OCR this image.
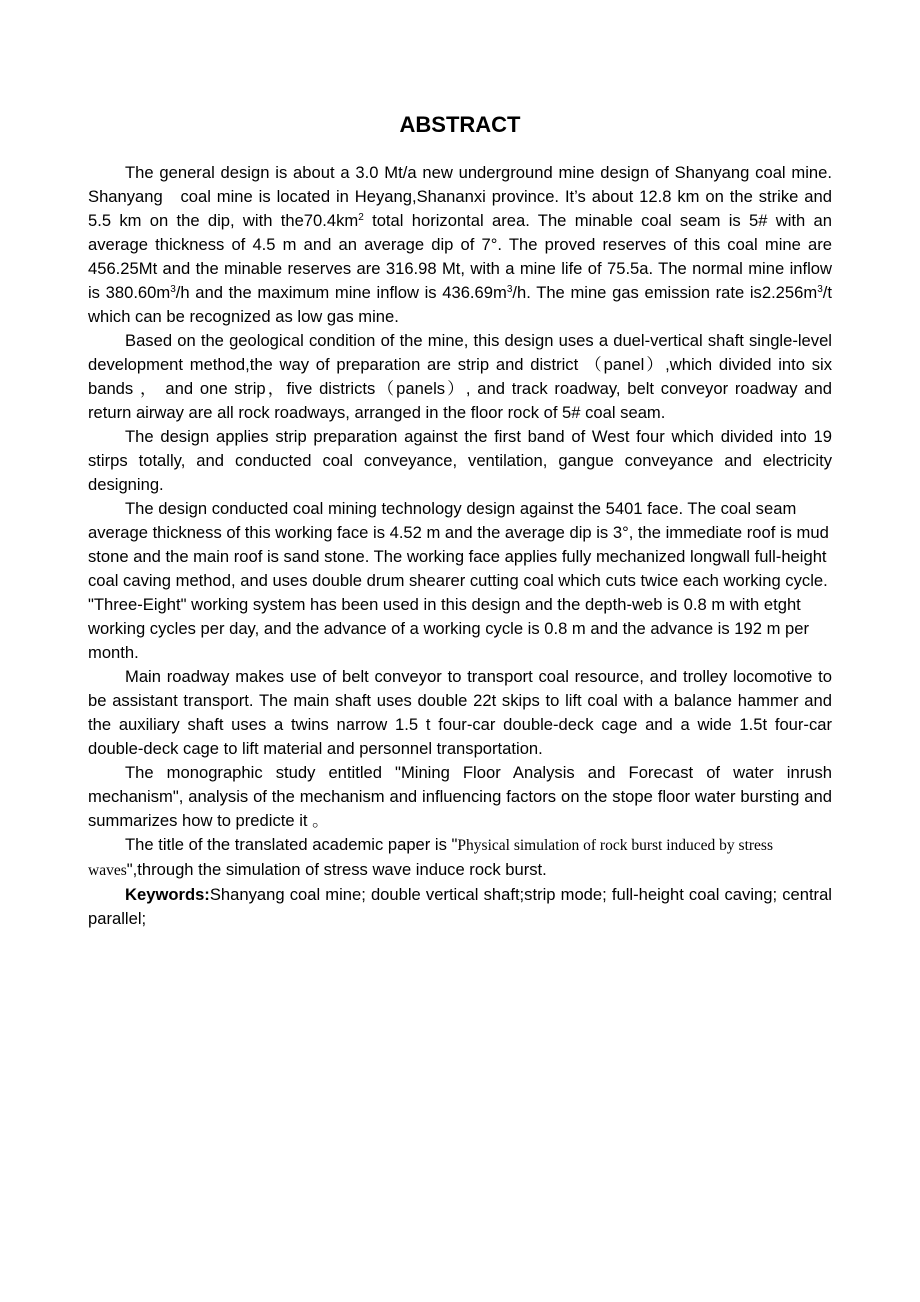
ABSTRACT

The general design is about a 3.0 Mt/a new underground mine design of Shanyang coal mine. Shanyang   coal mine is located in Heyang,Shananxi province. It’s about 12.8 km on the strike and 5.5 km on the dip, with $the70.4km^2$ total horizontal area. The minable coal seam is 5# with an average thickness of 4.5 m and an average dip of 7°. The proved reserves of this coal mine are 456.25Mt and the minable reserves are 316.98 Mt, with a mine life of 75.5a. The normal mine inflow is $380.60m^3/h$ and the maximum mine inflow is $436.69m^3/h$. The mine gas emission rate $is2.256m^3/t$ which can be recognized as low gas mine.

Based on the geological condition of the mine, this design uses a duel-vertical shaft single-level development method,the way of preparation are strip and district （panel）,which divided into six bands ， and one strip，five districts（panels）, and track roadway, belt conveyor roadway and return airway are all rock roadways, arranged in the floor rock of 5# coal seam.

The design applies strip preparation against the first band of West four which divided into 19 stirps totally, and conducted coal conveyance, ventilation, gangue conveyance and electricity designing.

The design conducted coal mining technology design against the 5401 face. The coal seam average thickness of this working face is 4.52 m and the average dip is 3°, the immediate roof is mud stone and the main roof is sand stone. The working face applies fully mechanized longwall full-height coal caving method, and uses double drum shearer cutting coal which cuts twice each working cycle. "Three-Eight" working system has been used in this design and the depth-web is 0.8 m with etght working cycles per day, and the advance of a working cycle is 0.8 m and the advance is 192 m per month.

Main roadway makes use of belt conveyor to transport coal resource, and trolley locomotive to be assistant transport. The main shaft uses double 22t skips to lift coal with a balance hammer and the auxiliary shaft uses a twins narrow 1.5 t four-car double-deck cage and a wide 1.5t four-car double-deck cage to lift material and personnel transportation.

The monographic study entitled "Mining Floor Analysis and Forecast of water inrush mechanism", analysis of the mechanism and influencing factors on the stope floor water bursting and summarizes how to predicte it 。

The title of the translated academic paper is "Physical simulation of rock burst induced by stress waves",through the simulation of stress wave induce rock burst.

Keywords:Shanyang coal mine; double vertical shaft;strip mode; full-height coal caving; central parallel;
